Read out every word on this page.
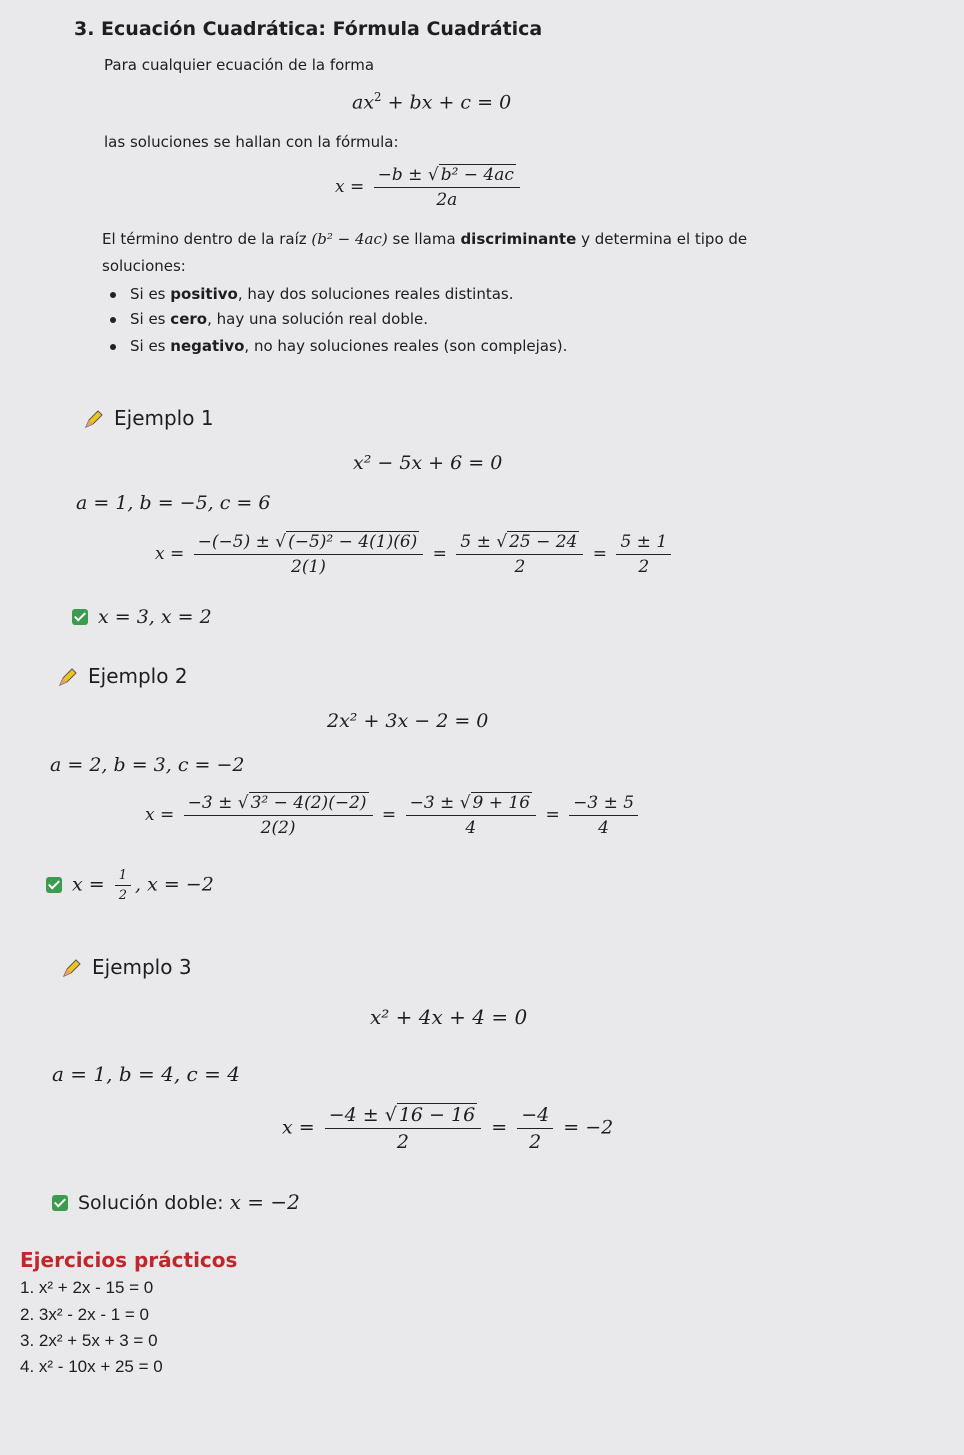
3. Ecuación Cuadrática: Fórmula Cuadrática
Para cualquier ecuación de la forma
$ax^2$ + bx + c = 0
las soluciones se hallan con la fórmula:
$x = \frac{\text{−b ± √ b² − 4ac}}{2a}$
El término dentro de la raíz (b² − 4ac) se llama discriminante y determina el tipo de
soluciones:
Si es positivo, hay dos soluciones reales distintas.
Si es cero, hay una solución real doble.
Si es negativo, no hay soluciones reales (son complejas).
Ejemplo 1
x² − 5x + 6 = 0
a = 1, b = −5, c = 6
$x = \frac{\text{−(−5) ± √ (−5)² − 4(1)(6)}}{2(1)} = \frac{5 \pm √ 25 - 24}{2} = \frac{5 \pm 1}{2}$
x = 3, x = 2
Ejemplo 2
2x² + 3x − 2 = 0
a = 2, b = 3, c = −2
$x = \frac{\text{−3 ± √ 3² − 4(2)(−2)}}{2(2)} = \frac{-3 \pm √ 9 + 16}{4} = \frac{-3 \pm 5}{4}$
$x = \frac{1}{2}$ , x = −2
Ejemplo 3
x² + 4x + 4 = 0
a = 1, b = 4, c = 4
$x = \frac{-4 \pm √ 16 - 16}{2} = \frac{-4}{2} = -2$
Solución doble: x = −2
Ejercicios prácticos
1. x² + 2x - 15 = 0
2. 3x² - 2x - 1 = 0
3. 2x² + 5x + 3 = 0
4. x² - 10x + 25 = 0
